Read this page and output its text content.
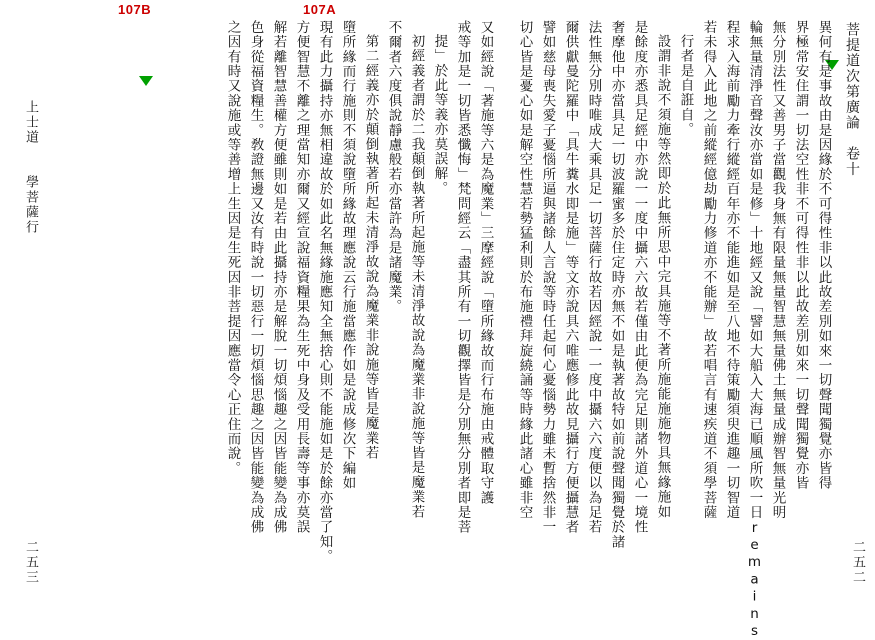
107B	107A
菩提道次第廣論　卷十
異何有是事故由是因緣於不可得性非以此故差別如來一切聲聞獨覺亦皆得
界極常安住謂一切法空性非不可得性非以此故差別如來一切聲聞獨覺亦皆
無分別法性又善男子當觀我身無有限量無量智慧無量佛土無量成辦智無量光明
輪無量清淨音聲汝亦當如是修」十地經又說「譬如大船入大海已順風所吹一日remains
程求入海前勵力牽行縱經百年亦不能進如是至八地不待策勵須臾進趣一切智道
若未得入此地之前縱經億劫勵力修道亦不能辦」故若唱言有速疾道不須學菩薩
行者是自誑自。
設謂非說不須施等然即於此無所思中完具施等不著所施能施施物具無緣施如
是餘度亦悉具足經中亦說一一度中攝六六故若僅由此便為完足則諸外道心一境性
奢摩他中亦當具足一切波羅蜜多於住定時亦無不如是執著故特如前說聲聞獨覺於諸
法性無分別時唯成大乘具足一切菩薩行故若因經說一一度中攝六六度便以為足若
爾供獻曼陀羅中「具牛糞水即是施」等文亦說具六唯應修此故見攝行方便攝慧者
譬如慈母喪失愛子憂惱所逼與諸餘人言說等時任起何心憂惱勢力雖未暫捨然非一
切心皆是憂心如是解空性慧若勢猛利則於布施禮拜旋繞誦等時緣此諸心雖非空
二五二
又如經說「著施等六是為魔業」三摩經說「墮所緣故而行布施由戒體取守護
戒等加是一切皆悉懺悔」梵問經云「盡其所有一切觀擇皆是分別無分別者即是菩
提」於此等義亦莫誤解。
初經義者謂於二我顛倒執著所起施等未清淨故說為魔業非說施等皆是魔業若
不爾者六度俱說靜慮般若亦當許為是諸魔業。
第二經義亦於顛倒執著所起未清淨故說為魔業非說施等皆是魔業若
墮所緣而行施則不須說墮所緣故理應說云行施當應作如是說成修次下編如
現有此力攝持亦無相違故於如此名無緣施應知全無捨心則不能施如是於餘亦當了知。
方便智慧不離之理當知亦爾又經宣說福資糧果為生死中身及受用長壽等事亦莫誤
解若離智慧善權方便雖則如是若由此攝持亦是解脫一切煩惱趣之因皆能變為成佛
色身從福資糧生。敎證無邊又汝有時說一切惡行一切煩惱思趣之因皆能變為成佛
之因有時又說施或等善增上生因是生死因非菩提因應當令心正住而說。
上士道
學菩薩行
二五三
